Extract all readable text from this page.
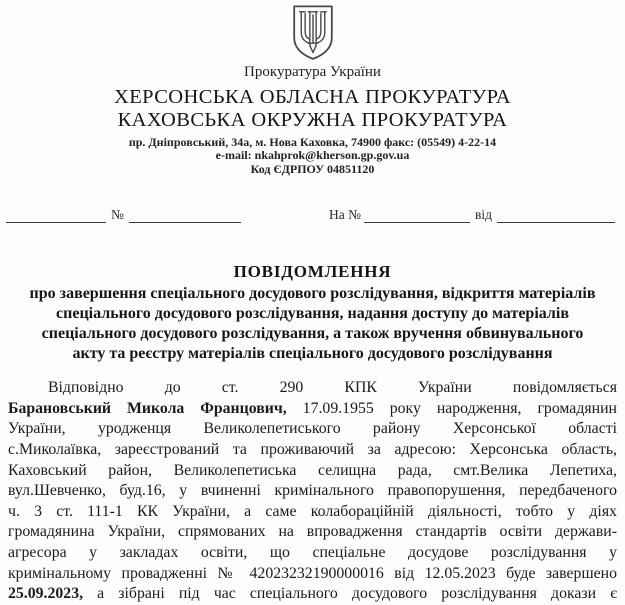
Прокуратура України
ХЕРСОНСЬКА ОБЛАСНА ПРОКУРАТУРА
КАХОВСЬКА ОКРУЖНА ПРОКУРАТУРА
пр. Дніпровський, 34а, м. Нова Каховка, 74900 факс: (05549) 4-22-14
e-mail: nkahprok@kherson.gp.gov.ua
Код ЄДРПОУ 04851120
№	На №	від
ПОВІДОМЛЕННЯ
про завершення спеціального досудового розслідування, відкриття матеріалів
спеціального досудового розслідування, надання доступу до матеріалів
спеціального досудового розслідування, а також вручення обвинувального
акту та реєстру матеріалів спеціального досудового розслідування
Відповідно до ст. 290 КПК України повідомляється
Барановський Микола Францович, 17.09.1955 року народження, громадянин
України, уродженця Великолепетиського району Херсонської області
с.Миколаївка, зареєстрований та проживаючий за адресою: Херсонська область,
Каховський район, Великолепетиська селищна рада, смт.Велика Лепетиха,
вул.Шевченко, буд.16, у вчиненні кримінального правопорушення, передбаченого
ч. 3 ст. 111-1 КК України, а саме колабораційній діяльності, тобто у діях
громадянина України, спрямованих на впровадження стандартів освіти держави-
агресора у закладах освіти, що спеціальне досудове розслідування у
кримінальному провадженні № 42023232190000016 від 12.05.2023 буде завершено
25.09.2023, а зібрані під час спеціального досудового розслідування докази є
